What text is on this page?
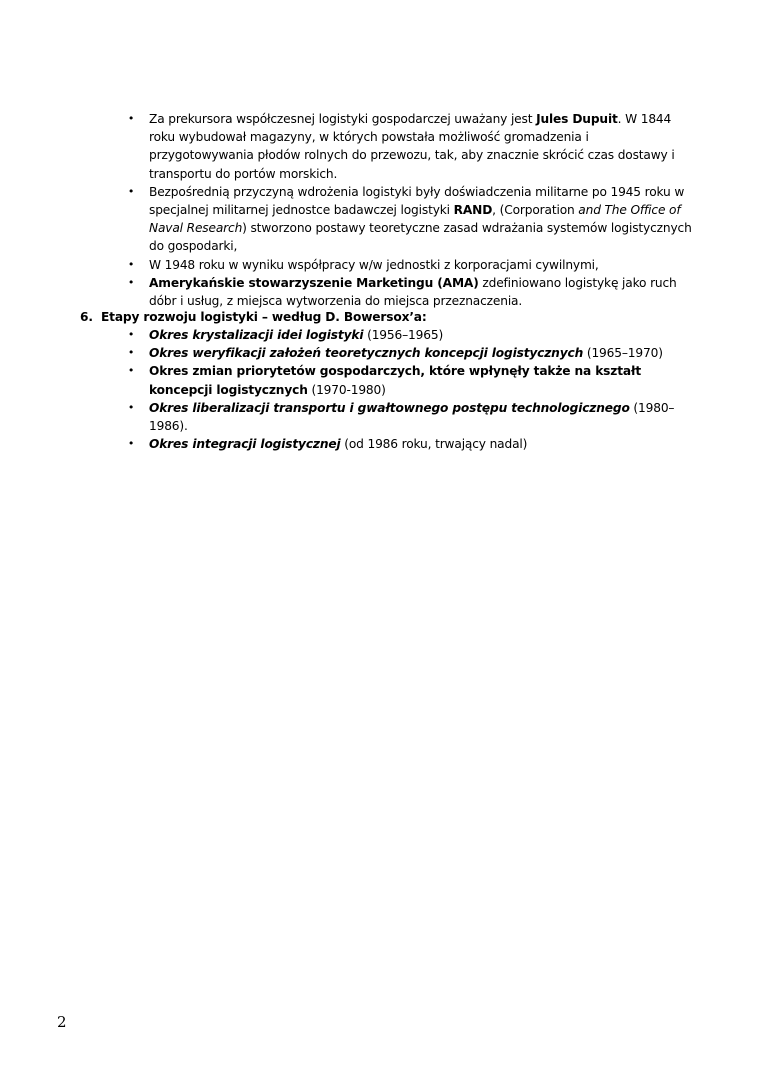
• Za prekursora współczesnej logistyki gospodarczej uważany jest Jules Dupuit. W 1844 roku wybudował magazyny, w których powstała możliwość gromadzenia i przygotowywania płodów rolnych do przewozu, tak, aby znacznie skrócić czas dostawy i transportu do portów morskich.
• Bezpośrednią przyczyną wdrożenia logistyki były doświadczenia militarne po 1945 roku w specjalnej militarnej jednostce badawczej logistyki RAND, (Corporation and The Office of Naval Research) stworzono postawy teoretyczne zasad wdrażania systemów logistycznych do gospodarki,
• W 1948 roku w wyniku współpracy w/w jednostki z korporacjami cywilnymi,
• Amerykańskie stowarzyszenie Marketingu (AMA) zdefiniowano logistykę jako ruch dóbr i usług, z miejsca wytworzenia do miejsca przeznaczenia.
6. Etapy rozwoju logistyki – według D. Bowersox’a:
• Okres krystalizacji idei logistyki (1956–1965)
• Okres weryfikacji założeń teoretycznych koncepcji logistycznych (1965–1970)
• Okres zmian priorytetów gospodarczych, które wpłynęły także na kształt koncepcji logistycznych (1970-1980)
• Okres liberalizacji transportu i gwałtownego postępu technologicznego (1980–1986).
• Okres integracji logistycznej (od 1986 roku, trwający nadal)
2
